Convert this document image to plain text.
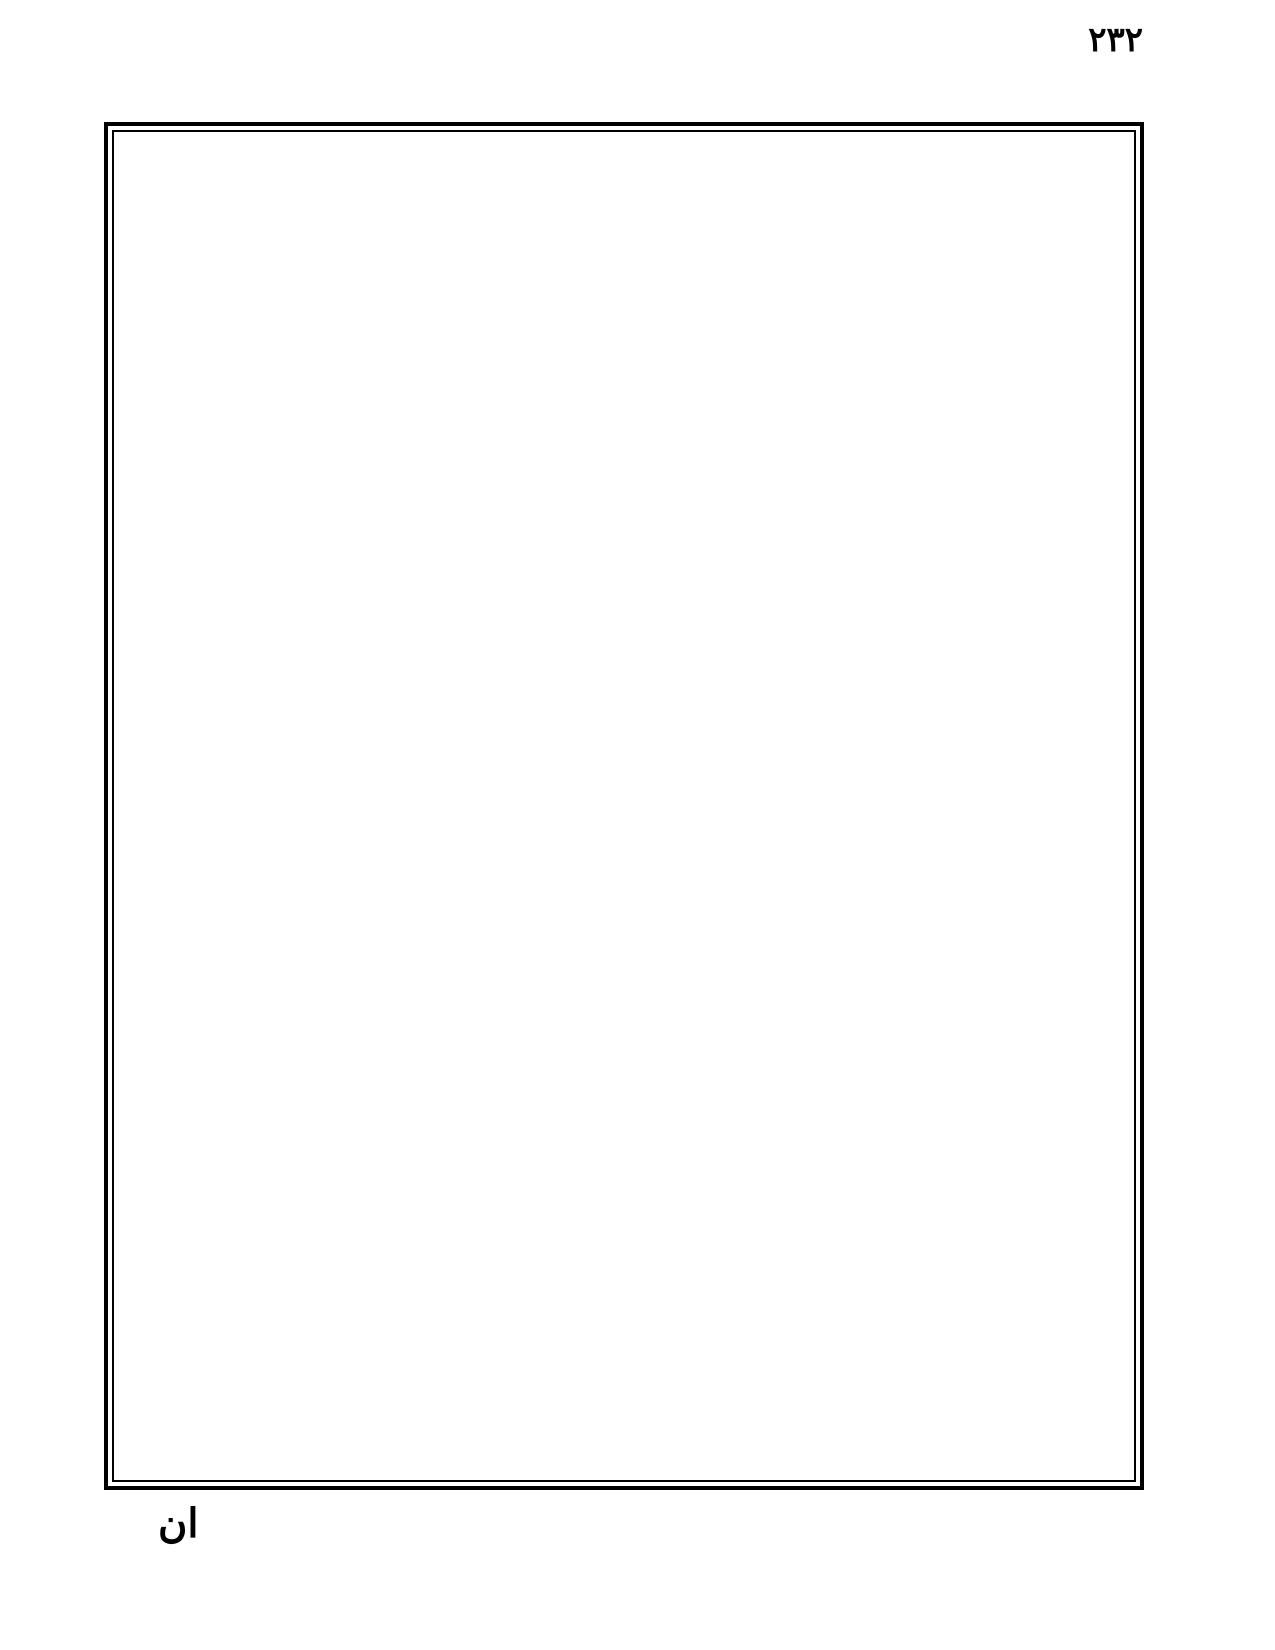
٢٣٢
ان
